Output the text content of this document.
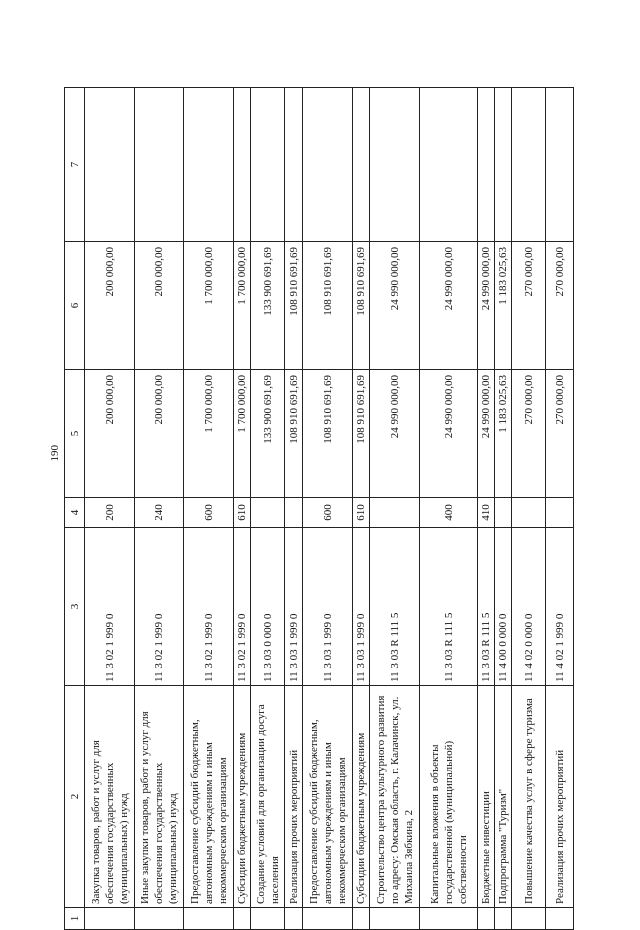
190
1	2	3	4	5	6	7
	Закупка товаров, работ и услуг для обеспечения государственных (муниципальных) нужд	11 3 02 1 999 0	200	200 000,00	200 000,00	
	Иные закупки товаров, работ и услуг для обеспечения государственных (муниципальных) нужд	11 3 02 1 999 0	240	200 000,00	200 000,00	
	Предоставление субсидий бюджетным, автономным учреждениям и иным некоммерческим организациям	11 3 02 1 999 0	600	1 700 000,00	1 700 000,00	
	Субсидии бюджетным учреждениям	11 3 02 1 999 0	610	1 700 000,00	1 700 000,00	
	Создание условий для организации досуга населения	11 3 03 0 000 0		133 900 691,69	133 900 691,69	
	Реализация прочих мероприятий	11 3 03 1 999 0		108 910 691,69	108 910 691,69	
	Предоставление субсидий бюджетным, автономным учреждениям и иным некоммерческим организациям	11 3 03 1 999 0	600	108 910 691,69	108 910 691,69	
	Субсидии бюджетным учреждениям	11 3 03 1 999 0	610	108 910 691,69	108 910 691,69	
	Строительство центра культурного развития по адресу: Омская область, г. Калачинск, ул. Михаила Зябкина, 2	11 3 03 R 111 5		24 990 000,00	24 990 000,00	
	Капитальные вложения в объекты государственной (муниципальной) собственности	11 3 03 R 111 5	400	24 990 000,00	24 990 000,00	
	Бюджетные инвестиции	11 3 03 R 111 5	410	24 990 000,00	24 990 000,00	
	Подпрограмма "Туризм"	11 4 00 0 000 0		1 183 025,63	1 183 025,63	
	Повышение качества услуг в сфере туризма	11 4 02 0 000 0		270 000,00	270 000,00	
	Реализация прочих мероприятий	11 4 02 1 999 0		270 000,00	270 000,00	
